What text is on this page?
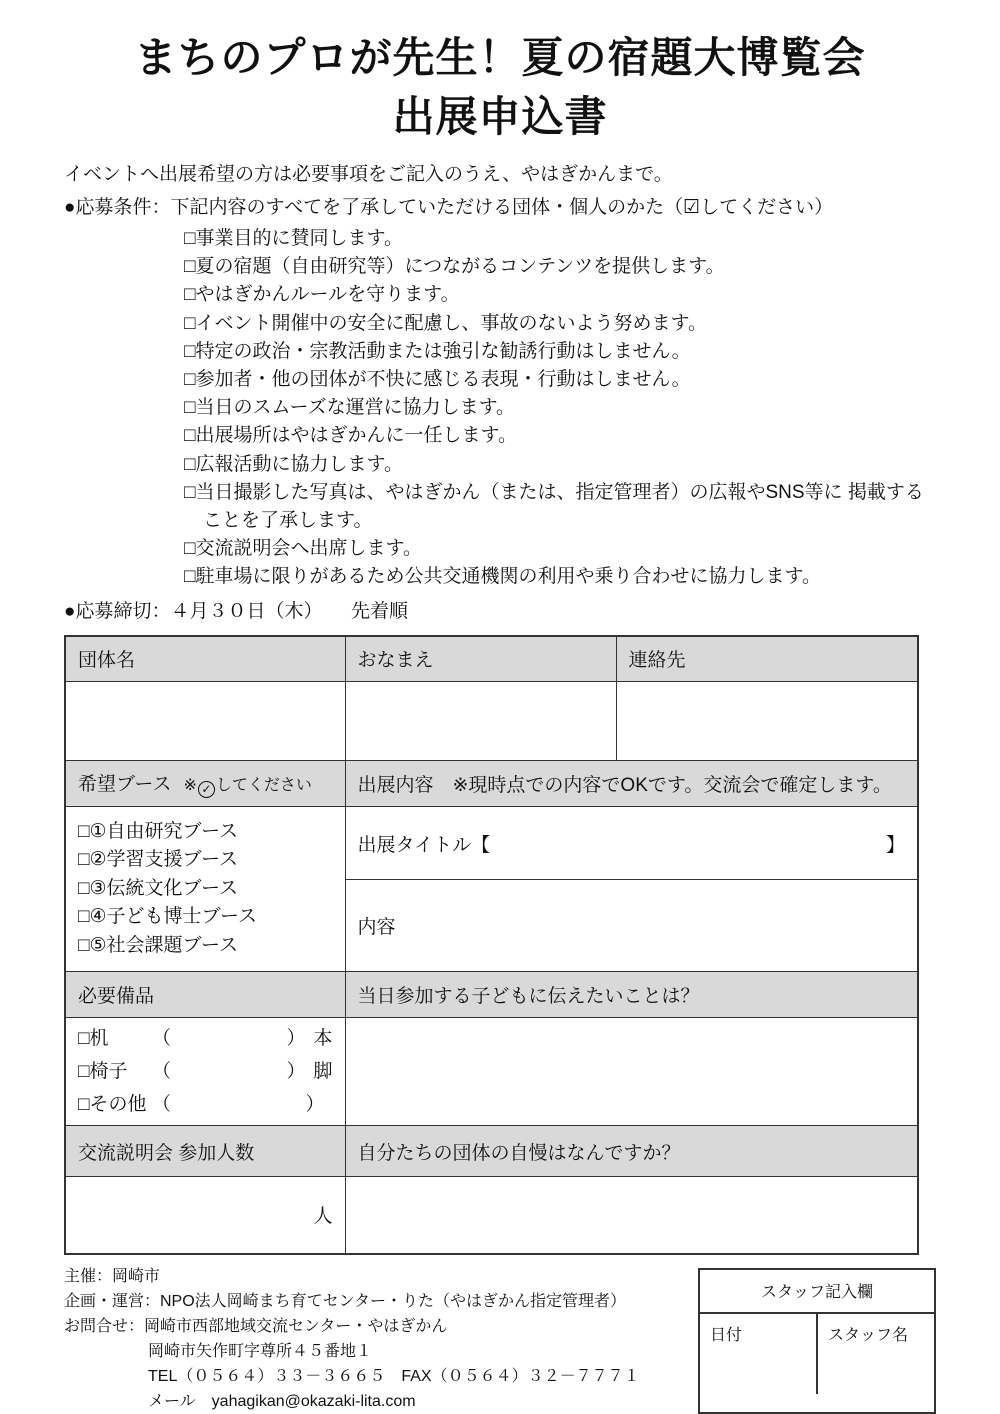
まちのプロが先生！夏の宿題大博覧会
出展申込書
イベントへ出展希望の方は必要事項をご記入のうえ、やはぎかんまで。
●応募条件：下記内容のすべてを了承していただける団体・個人のかた（☑してください）
□事業目的に賛同します。
□夏の宿題（自由研究等）につながるコンテンツを提供します。
□やはぎかんルールを守ります。
□イベント開催中の安全に配慮し、事故のないよう努めます。
□特定の政治・宗教活動または強引な勧誘行動はしません。
□参加者・他の団体が不快に感じる表現・行動はしません。
□当日のスムーズな運営に協力します。
□出展場所はやはぎかんに一任します。
□広報活動に協力します。
□当日撮影した写真は、やはぎかん（または、指定管理者）の広報やSNS等に 掲載することを了承します。
□交流説明会へ出席します。
□駐車場に限りがあるため公共交通機関の利用や乗り合わせに協力します。
●応募締切：４月３０日（木）　　先着順
団体名	おなまえ	連絡先

希望ブース ※ ✓ してください	出展内容　※現時点での内容でOKです。交流会で確定します。	

□①自由研究ブース
□②学習支援ブース
□③伝統文化ブース
□④子ども博士ブース
□⑤社会課題ブース

出展タイトル【	】

	内容	
必要備品	当日参加する子どもに伝えたいことは？	

□机	（	） 本
□椅子	（	） 脚
□その他 （	）

交流説明会 参加人数	自分たちの団体の自慢はなんですか？	
人		
主催：岡崎市
企画・運営：NPO法人岡崎まち育てセンター・りた（やはぎかん指定管理者）
お問合せ：岡崎市西部地域交流センター・やはぎかん
岡崎市矢作町字尊所４５番地１
TEL（０５６４）３３－３６６５　FAX（０５６４）３２－７７７１
メール　yahagikan@okazaki-lita.com
スタッフ記入欄
日付	スタッフ名
